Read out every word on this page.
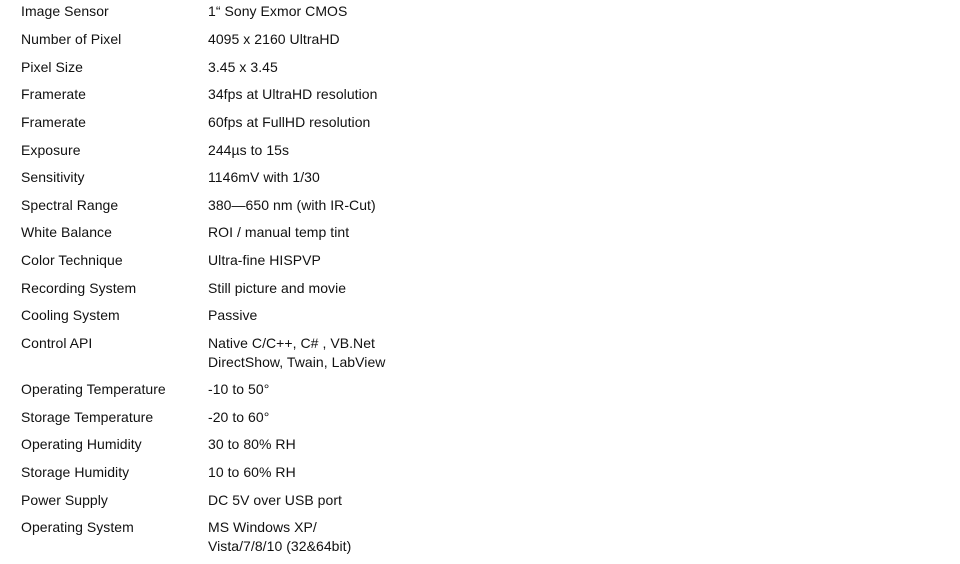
Image Sensor	1“ Sony Exmor CMOS
Number of Pixel	4095 x 2160 UltraHD
Pixel Size	3.45 x 3.45
Framerate	34fps at UltraHD resolution
Framerate	60fps at FullHD resolution
Exposure	244µs to 15s
Sensitivity	1146mV with 1/30
Spectral Range	380—650 nm (with IR-Cut)
White Balance	ROI / manual temp tint
Color Technique	Ultra-fine HISPVP
Recording System	Still picture and movie
Cooling System	Passive
Control API	Native C/C++, C# , VB.Net
DirectShow, Twain, LabView
Operating Temperature	-10 to 50°
Storage Temperature	-20 to 60°
Operating Humidity	30 to 80% RH
Storage Humidity	10 to 60% RH
Power Supply	DC 5V over USB port
Operating System	MS Windows XP/
Vista/7/8/10 (32&64bit)
